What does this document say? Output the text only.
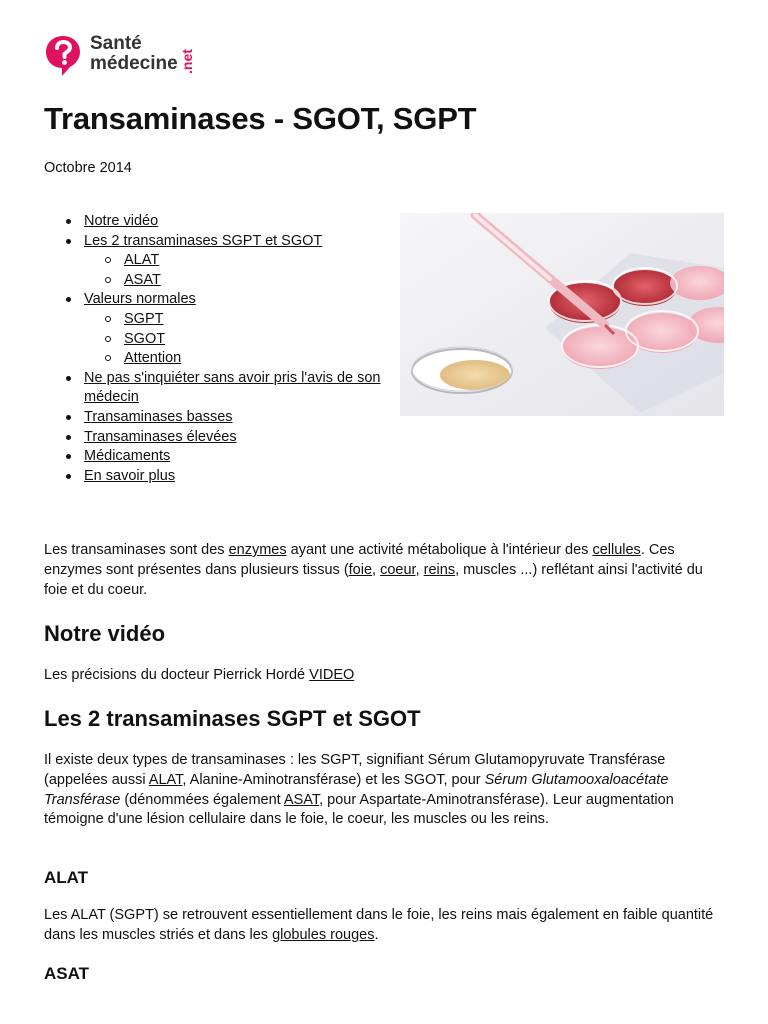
Santé
médecine .net
Transaminases - SGOT, SGPT
Octobre 2014
Notre vidéo
Les 2 transaminases SGPT et SGOT
ALAT
ASAT
Valeurs normales
SGPT
SGOT
Attention
Ne pas s'inquiéter sans avoir pris l'avis de son médecin
Transaminases basses
Transaminases élevées
Médicaments
En savoir plus

Les transaminases sont des enzymes ayant une activité métabolique à l'intérieur des cellules. Ces enzymes sont présentes dans plusieurs tissus (foie, coeur, reins, muscles ...) reflétant ainsi l'activité du foie et du coeur.

Notre vidéo

Les précisions du docteur Pierrick Hordé VIDEO

Les 2 transaminases SGPT et SGOT

Il existe deux types de transaminases : les SGPT, signifiant Sérum Glutamopyruvate Transférase (appelées aussi ALAT, Alanine-Aminotransférase) et les SGOT, pour Sérum Glutamooxaloacétate Transférase (dénommées également ASAT, pour Aspartate-Aminotransférase). Leur augmentation témoigne d'une lésion cellulaire dans le foie, le coeur, les muscles ou les reins.

ALAT

Les ALAT (SGPT) se retrouvent essentiellement dans le foie, les reins mais également en faible quantité dans les muscles striés et dans les globules rouges.

ASAT
